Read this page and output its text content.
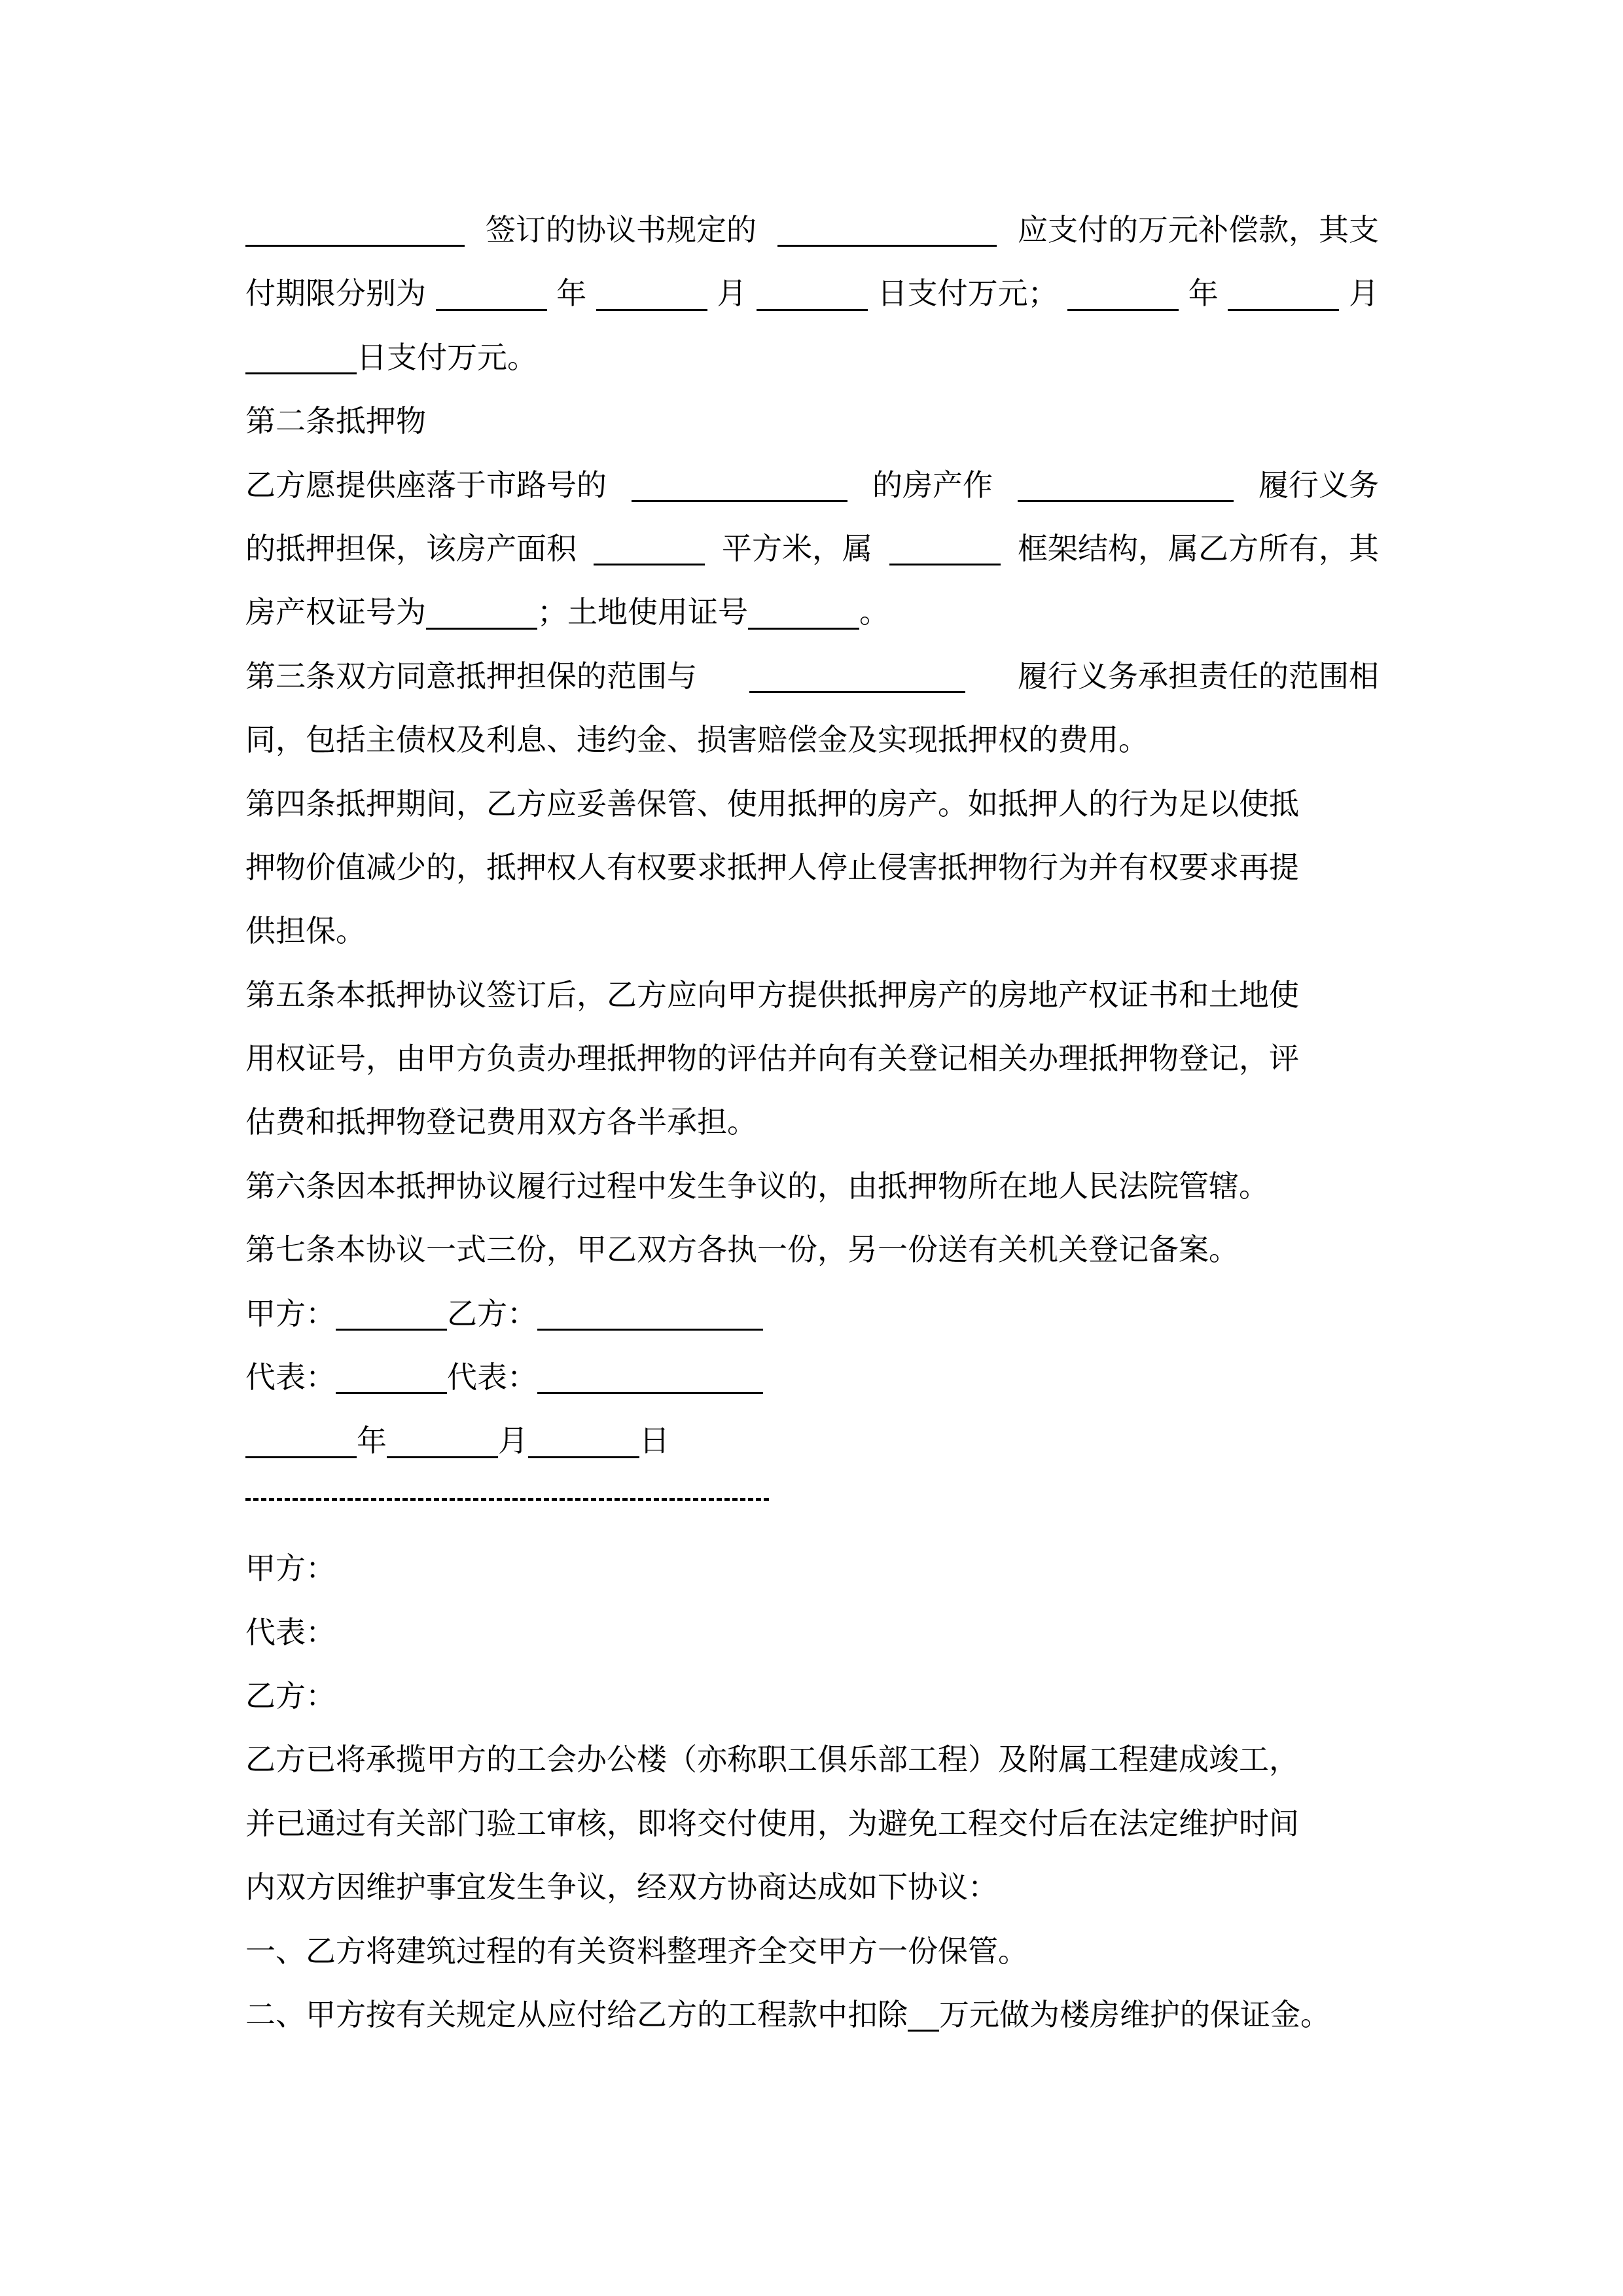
签订的协议书规定的	应支付的万元补偿款，其支
付期限分别为	年	月	日支付万元；	年	月
日支付万元。
第二条抵押物
乙方愿提供座落于市路号的	的房产作	履行义务
的抵押担保，该房产面积	平方米，属	框架结构，属乙方所有，其
房产权证号为	；土地使用证号	。
第三条双方同意抵押担保的范围与	履行义务承担责任的范围相
同，包括主债权及利息、违约金、损害赔偿金及实现抵押权的费用。
第四条抵押期间，乙方应妥善保管、使用抵押的房产。如抵押人的行为足以使抵
押物价值减少的，抵押权人有权要求抵押人停止侵害抵押物行为并有权要求再提
供担保。
第五条本抵押协议签订后，乙方应向甲方提供抵押房产的房地产权证书和土地使
用权证号，由甲方负责办理抵押物的评估并向有关登记相关办理抵押物登记，评
估费和抵押物登记费用双方各半承担。
第六条因本抵押协议履行过程中发生争议的，由抵押物所在地人民法院管辖。
第七条本协议一式三份，甲乙双方各执一份，另一份送有关机关登记备案。
甲方：	乙方：
代表：	代表：
年	月	日
甲方：
代表：
乙方：
乙方已将承揽甲方的工会办公楼（亦称职工俱乐部工程）及附属工程建成竣工，
并已通过有关部门验工审核，即将交付使用，为避免工程交付后在法定维护时间
内双方因维护事宜发生争议，经双方协商达成如下协议：
一、乙方将建筑过程的有关资料整理齐全交甲方一份保管。
二、甲方按有关规定从应付给乙方的工程款中扣除 万元做为楼房维护的保证金。
